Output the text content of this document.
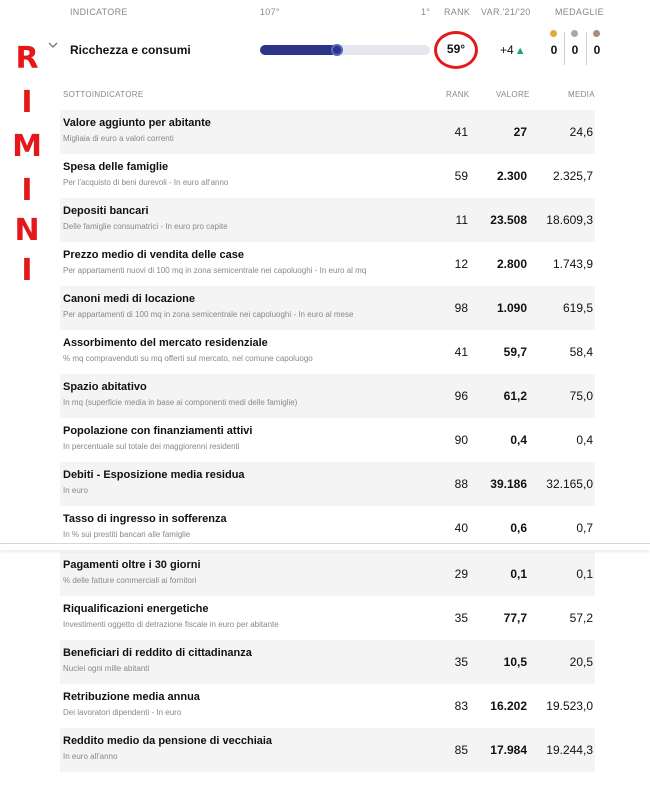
R
I
M
I
N
I
INDICATORE	107°	1° RANK VAR.'21/'20	MEDAGLIE
Ricchezza e consumi	59°	+4▲ 0 0 0
SOTTOINDICATORE	RANK	VALORE	MEDIA
Valore aggiunto per abitante
Migliaia di euro a valori correnti	41	27	24,6
Spesa delle famiglie
Per l'acquisto di beni durevoli - In euro all'anno	59	2.300	2.325,7
Depositi bancari
Delle famiglie consumatrici - In euro pro capite	11	23.508	18.609,3
Prezzo medio di vendita delle case
Per appartamenti nuovi di 100 mq in zona semicentrale nei capoluoghi - In euro al mq	12	2.800	1.743,9
Canoni medi di locazione
Per appartamenti di 100 mq in zona semicentrale nei capoluoghi - In euro al mese	98	1.090	619,5
Assorbimento del mercato residenziale
% mq compravenduti su mq offerti sul mercato, nel comune capoluogo	41	59,7	58,4
Spazio abitativo
In mq (superficie media in base ai componenti medi delle famiglie)	96	61,2	75,0
Popolazione con finanziamenti attivi
In percentuale sul totale dei maggiorenni residenti	90	0,4	0,4
Debiti - Esposizione media residua
In euro	88	39.186	32.165,0
Tasso di ingresso in sofferenza
In % sui prestiti bancari alle famiglie	40	0,6	0,7
Pagamenti oltre i 30 giorni
% delle fatture commerciali ai fornitori	29	0,1	0,1
Riqualificazioni energetiche
Investimenti oggetto di detrazione fiscale in euro per abitante	35	77,7	57,2
Beneficiari di reddito di cittadinanza
Nuclei ogni mille abitanti	35	10,5	20,5
Retribuzione media annua
Dei lavoratori dipendenti - In euro	83	16.202	19.523,0
Reddito medio da pensione di vecchiaia
In euro all'anno	85	17.984	19.244,3
